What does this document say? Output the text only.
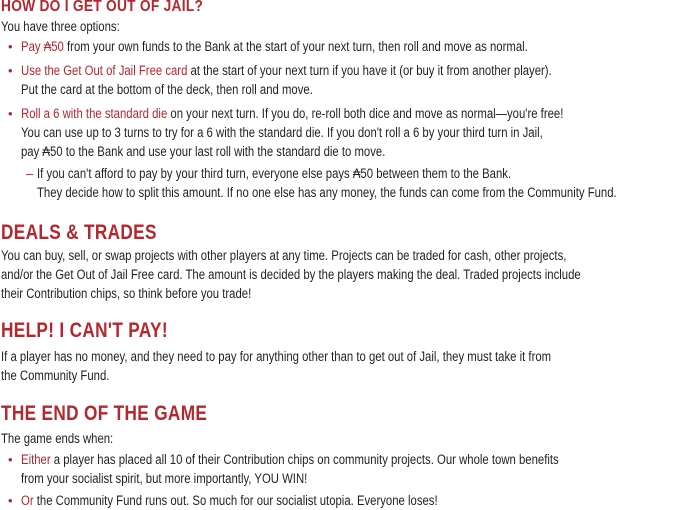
HOW DO I GET OUT OF JAIL?
You have three options:
• Pay ₳50 from your own funds to the Bank at the start of your next turn, then roll and move as normal.
• Use the Get Out of Jail Free card at the start of your next turn if you have it (or buy it from another player).
Put the card at the bottom of the deck, then roll and move.
• Roll a 6 with the standard die on your next turn. If you do, re-roll both dice and move as normal—you're free!
You can use up to 3 turns to try for a 6 with the standard die. If you don't roll a 6 by your third turn in Jail,
pay ₳50 to the Bank and use your last roll with the standard die to move.
– If you can't afford to pay by your third turn, everyone else pays ₳50 between them to the Bank.
They decide how to split this amount. If no one else has any money, the funds can come from the Community Fund.
DEALS & TRADES
You can buy, sell, or swap projects with other players at any time. Projects can be traded for cash, other projects,
and/or the Get Out of Jail Free card. The amount is decided by the players making the deal. Traded projects include
their Contribution chips, so think before you trade!
HELP! I CAN'T PAY!
If a player has no money, and they need to pay for anything other than to get out of Jail, they must take it from
the Community Fund.
THE END OF THE GAME
The game ends when:
• Either a player has placed all 10 of their Contribution chips on community projects. Our whole town benefits
from your socialist spirit, but more importantly, YOU WIN!
• Or the Community Fund runs out. So much for our socialist utopia. Everyone loses!
